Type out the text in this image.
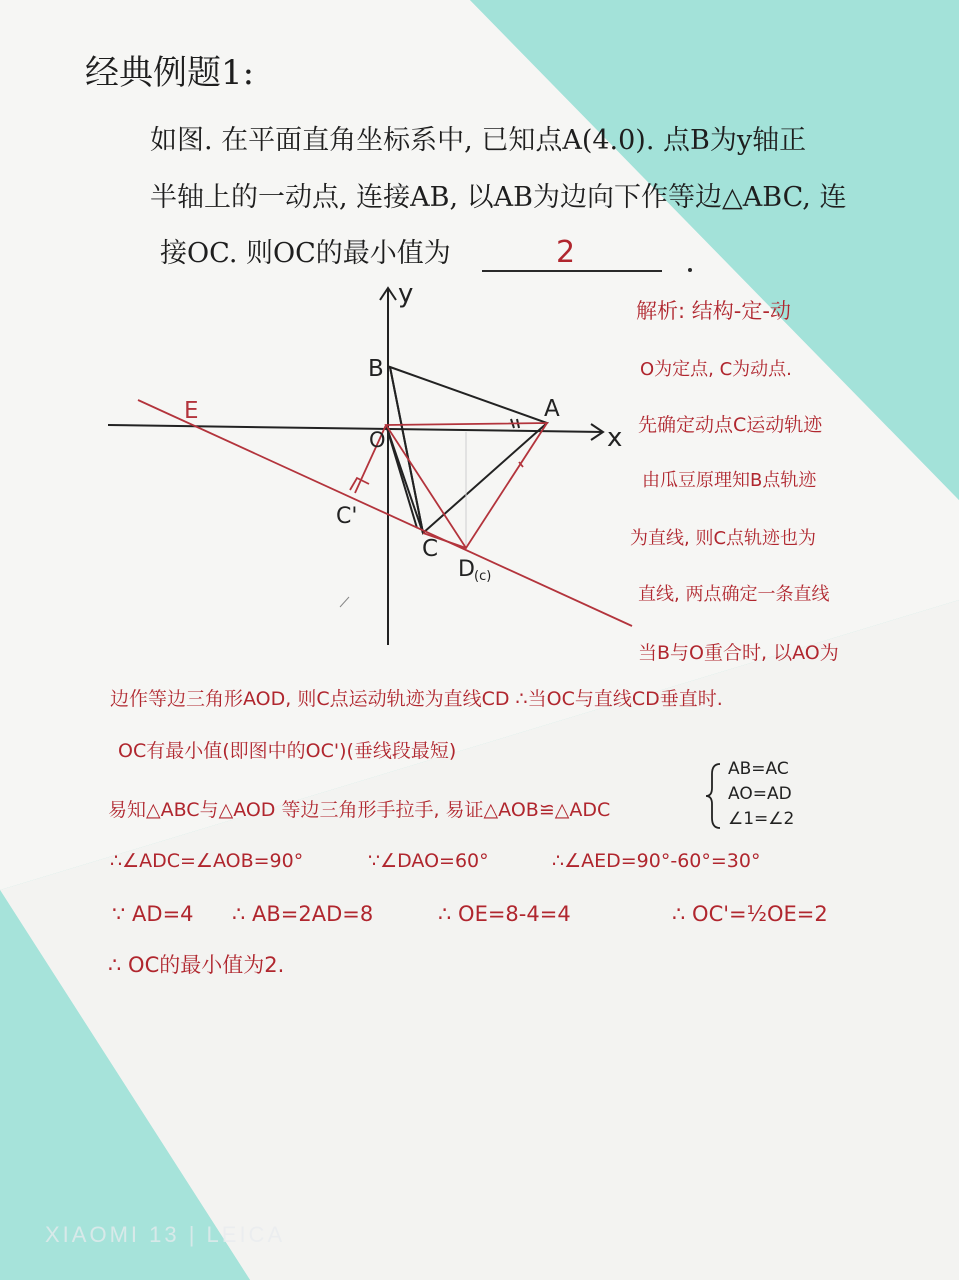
经典例题1:
如图. 在平面直角坐标系中, 已知点A(4.0). 点B为y轴正
半轴上的一动点, 连接AB, 以AB为边向下作等边△ABC, 连
接OC. 则OC的最小值为	2
y
x
B
A
O
E
C
C'
D (c)
解析: 结构-定-动
O为定点, C为动点.
先确定动点C运动轨迹
由瓜豆原理知B点轨迹
为直线, 则C点轨迹也为
直线, 两点确定一条直线
当B与O重合时, 以AO为
边作等边三角形AOD, 则C点运动轨迹为直线CD ∴当OC与直线CD垂直时.
OC有最小值(即图中的OC')(垂线段最短)
易知△ABC与△AOD 等边三角形手拉手, 易证△AOB≌△ADC
AB=AC
AO=AD
∠1=∠2
∴∠ADC=∠AOB=90°	∵∠DAO=60°	∴∠AED=90°-60°=30°
∵ AD=4 ∴ AB=2AD=8	∴ OE=8-4=4	∴ OC'=½OE=2
∴ OC的最小值为2.
XIAOMI 13 | LEICA
